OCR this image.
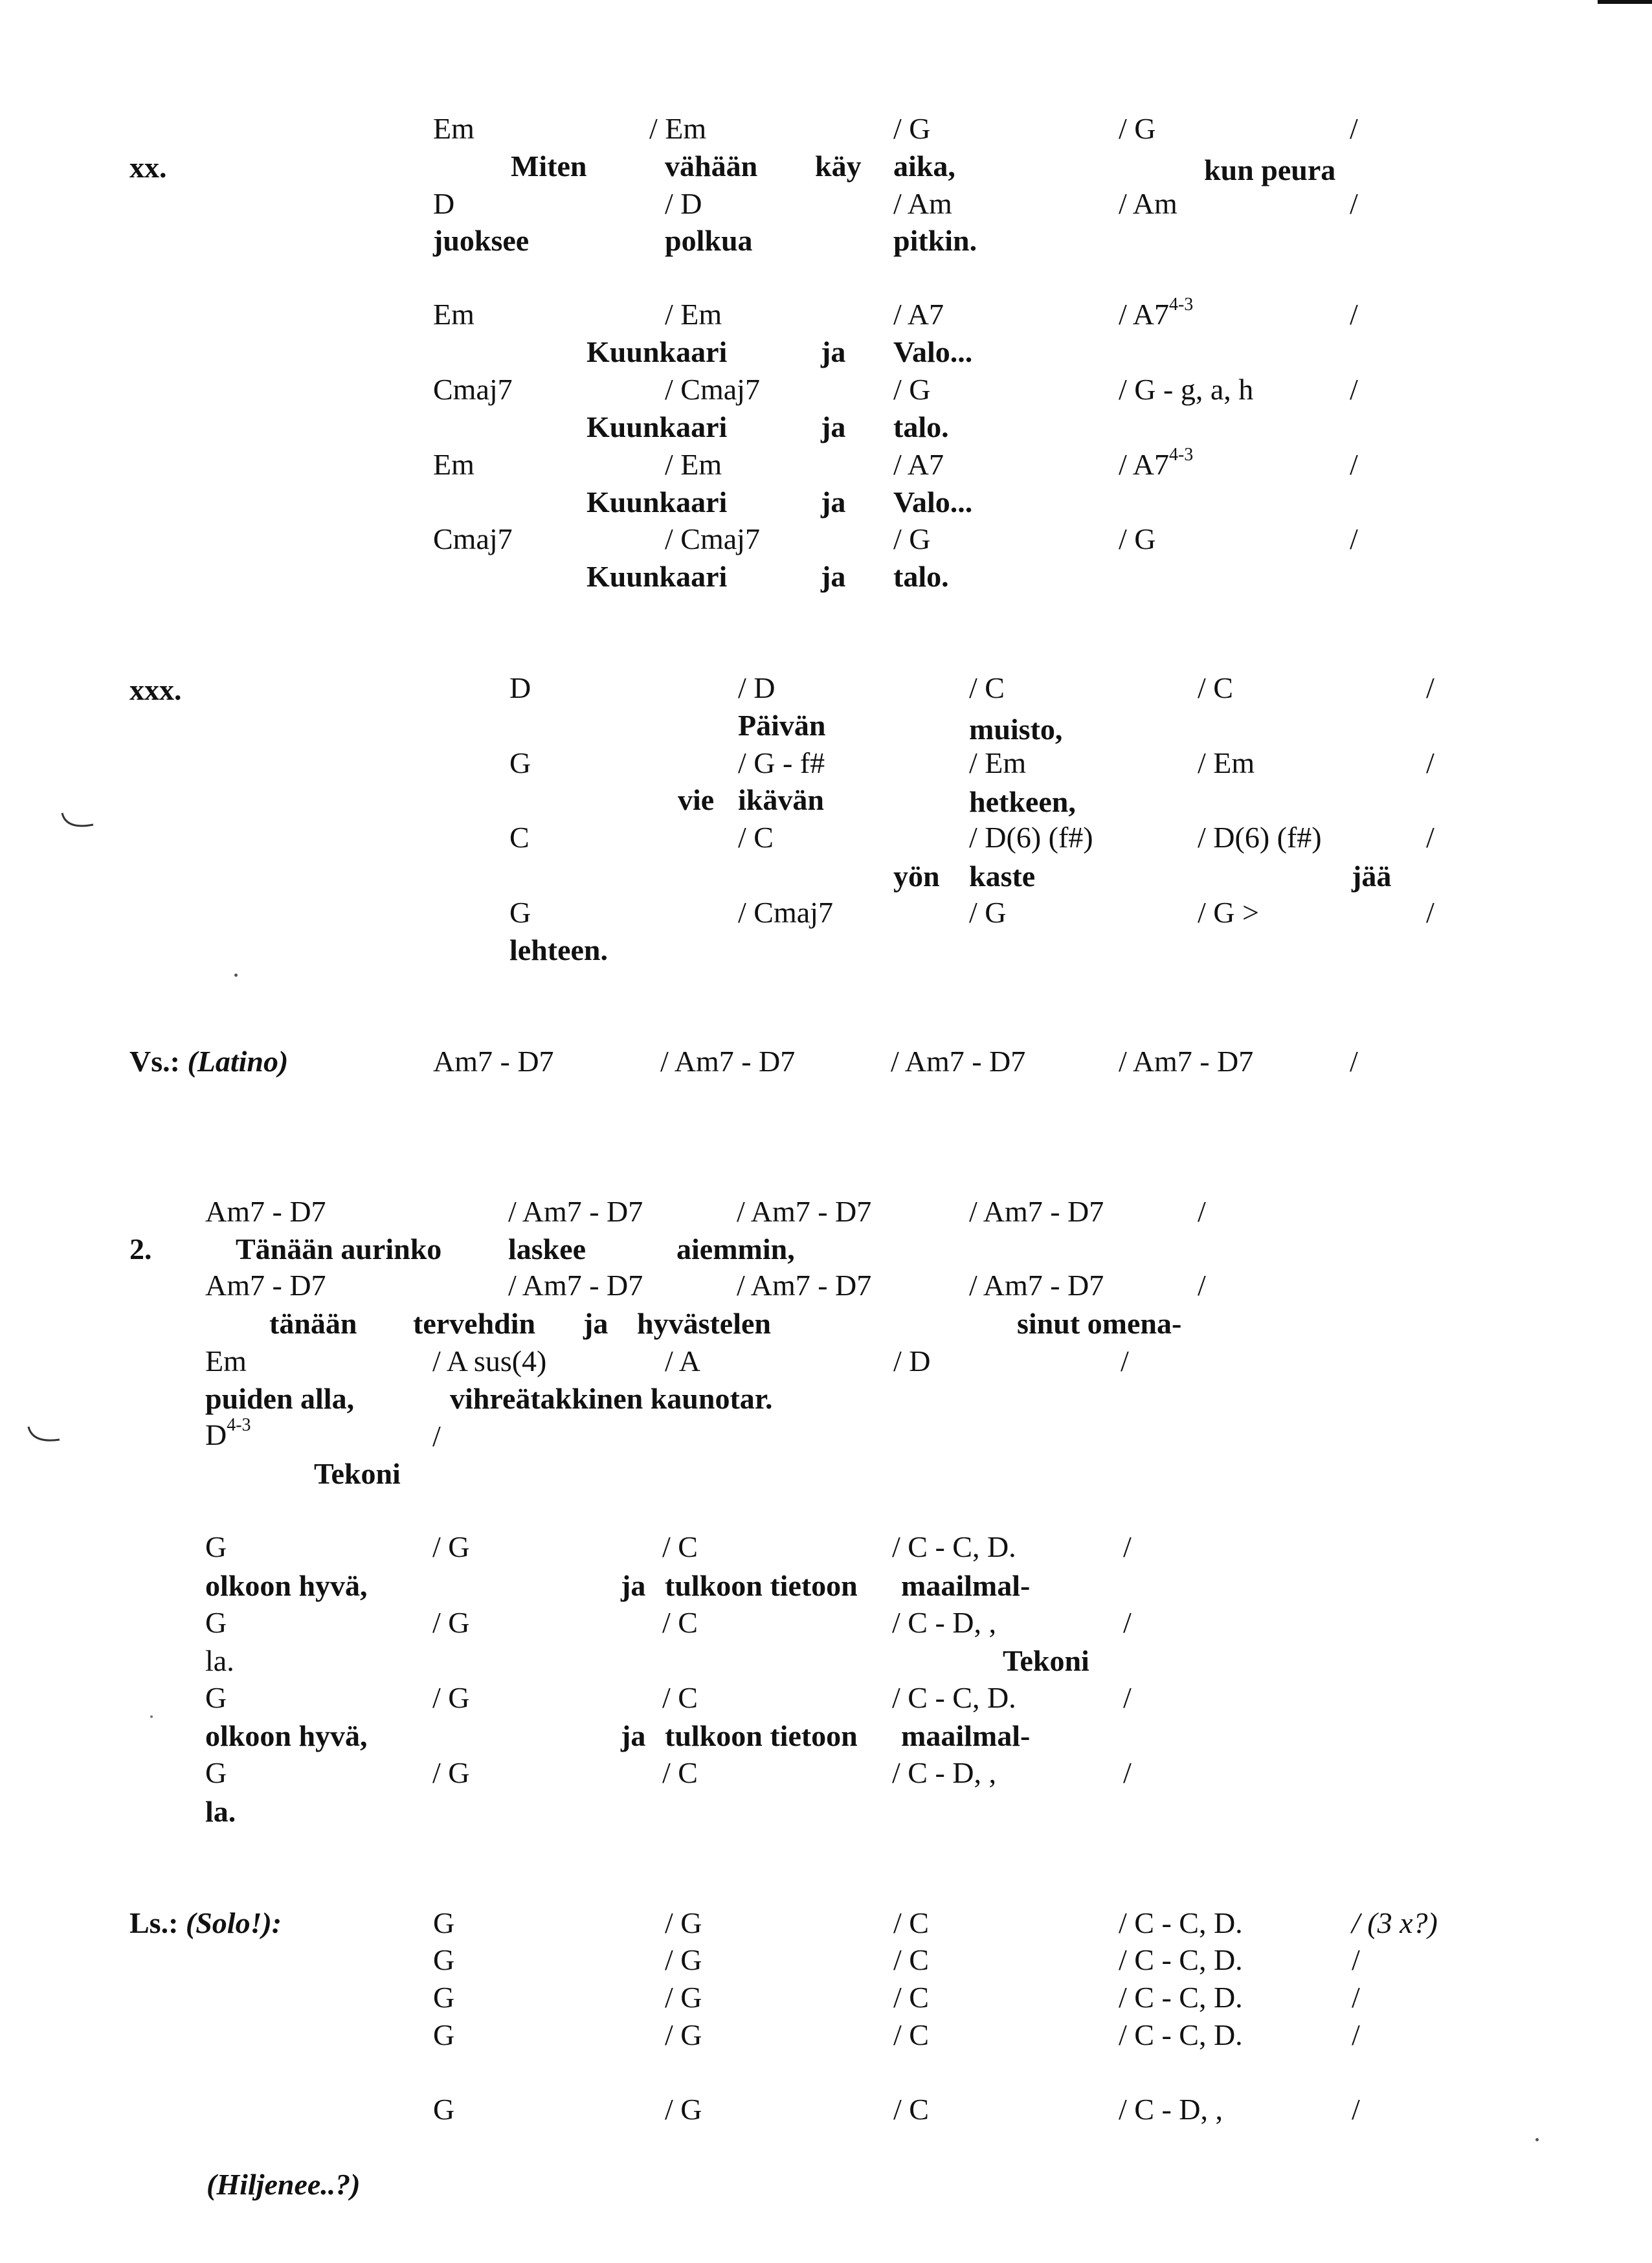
xx.
Em	/ Em	/ G	/ G	/
Miten	vähään käy aika,	kun peura
D	/ D	/ Am	/ Am	/
juoksee	polkua	pitkin.
Em	/ Em	/ A7	/ A7$^{4-3}$	/
Kuunkaari	ja Valo...
Cmaj7	/ Cmaj7	/ G	/ G - g, a, h	/
Kuunkaari	ja talo.
Em	/ Em	/ A7	/ A7$^{4-3}$	/
Kuunkaari	ja Valo...
Cmaj7	/ Cmaj7	/ G	/ G	/
Kuunkaari	ja talo.
xxx.	D	/ D	/ C	/ C	/
Päivän	muisto,
G	/ G - f#	/ Em	/ Em	/
vie ikävän	hetkeen,
C	/ C	/ D(6) (f#)	/ D(6) (f#)	/
yön kaste	jää
G	/ Cmaj7	/ G	/ G >	/
lehteen.
Vs.: (Latino)	Am7 - D7	/ Am7 - D7	/ Am7 - D7	/ Am7 - D7	/
Am7 - D7	/ Am7 - D7	/ Am7 - D7	/ Am7 - D7	/
2.	Tänään aurinko laskee	aiemmin,
Am7 - D7	/ Am7 - D7	/ Am7 - D7	/ Am7 - D7	/
tänään tervehdin ja hyvästelen	sinut omena-
Em	/ A sus(4)	/ A	/ D	/
puiden alla,	vihreätakkinen kaunotar.
$D^{4-3}$	/
Tekoni
G	/ G	/ C	/ C - C, D.	/
olkoon hyvä,	ja tulkoon tietoon maailmal-
G	/ G	/ C	/ C - D, ,	/
la.	Tekoni
G	/ G	/ C	/ C - C, D.	/
olkoon hyvä,	ja tulkoon tietoon maailmal-
G	/ G	/ C	/ C - D, ,	/
la.
Ls.: (Solo!):	G	/ G	/ C	/ C - C, D.	/ (3 x?)
G	/ G	/ C	/ C - C, D.	/
G	/ G	/ C	/ C - C, D.	/
G	/ G	/ C	/ C - C, D.	/
G	/ G	/ C	/ C - D, ,	/
(Hiljenee..?)
